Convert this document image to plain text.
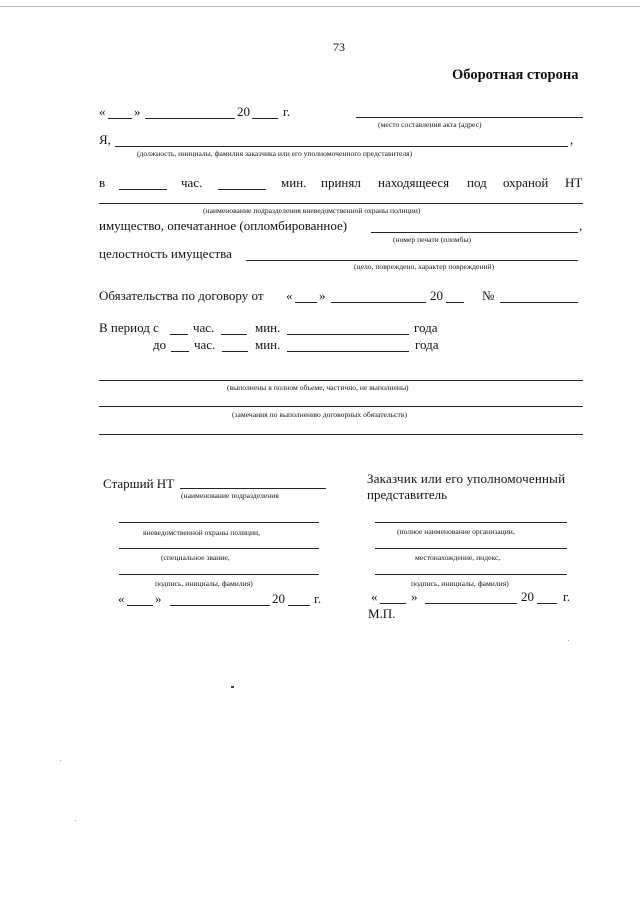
73
Оборотная сторона
« »	20	г.
(место составления акта (адрес)
Я,	,
(должность, инициалы, фамилия заказчика или его уполномоченного представителя)
в	час.	мин. принял находящееся под охраной НТ
(наименование подразделения вневедомственной охраны полиции)
имущество, опечатанное (опломбированное)	,
(номер печати (пломбы)
целостность имущества
(цело, повреждено, характер повреждений)
Обязательства по договору от « »	20	№
В период с	час.	мин.	года
до час.	мин.	года
(выполнены в полном объеме, частично, не выполнены)
(замечания по выполнению договорных обязательств)
Старший НТ
(наименование подразделения
вневедомственной охраны полиции,
(специальное звание,
подпись, инициалы, фамилия)
« »	20 г.
Заказчик или его уполномоченный
представитель
(полное наименование организации,
местонахождение, индекс,
подпись, инициалы, фамилия)
«	»	20 г.
М.П.
